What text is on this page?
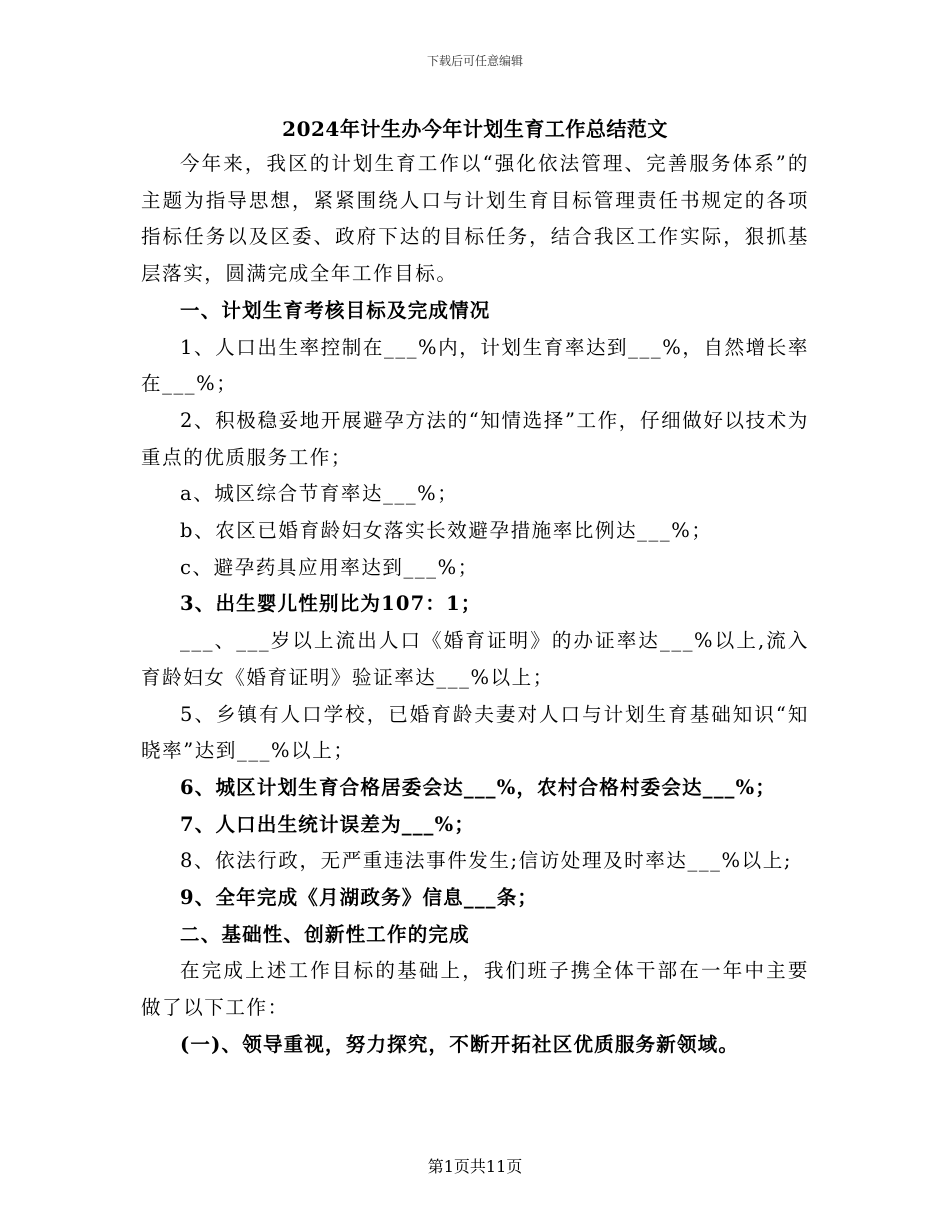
下载后可任意编辑
2024年计生办今年计划生育工作总结范文

今年来，我区的计划生育工作以“强化依法管理、完善服务体系”的主题为指导思想，紧紧围绕人口与计划生育目标管理责任书规定的各项指标任务以及区委、政府下达的目标任务，结合我区工作实际，狠抓基层落实，圆满完成全年工作目标。

一、计划生育考核目标及完成情况

1、人口出生率控制在___%内，计划生育率达到___%，自然增长率在___%；

2、积极稳妥地开展避孕方法的“知情选择”工作，仔细做好以技术为重点的优质服务工作；

a、城区综合节育率达___%；

b、农区已婚育龄妇女落实长效避孕措施率比例达___%；

c、避孕药具应用率达到___%；

3、出生婴儿性别比为107：1；

___、___岁以上流出人口《婚育证明》的办证率达___%以上,流入育龄妇女《婚育证明》验证率达___%以上；

5、乡镇有人口学校，已婚育龄夫妻对人口与计划生育基础知识“知晓率”达到___%以上；

6、城区计划生育合格居委会达___%，农村合格村委会达___%；

7、人口出生统计误差为___%；

8、依法行政，无严重违法事件发生;信访处理及时率达___%以上;

9、全年完成《月湖政务》信息___条；

二、基础性、创新性工作的完成

在完成上述工作目标的基础上，我们班子携全体干部在一年中主要做了以下工作：

(一)、领导重视，努力探究，不断开拓社区优质服务新领域。

第1页共11页
